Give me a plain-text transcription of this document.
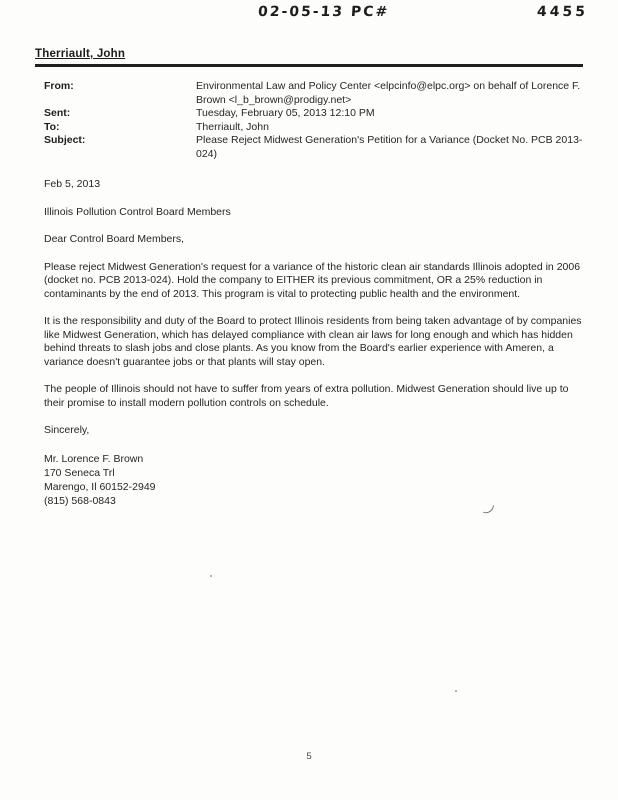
02-05-13 PC#	4455
Therriault, John
From:	Environmental Law and Policy Center <elpcinfo@elpc.org> on behalf of Lorence F. Brown <l_b_brown@prodigy.net>
Sent:	Tuesday, February 05, 2013 12:10 PM
To:	Therriault, John
Subject:	Please Reject Midwest Generation's Petition for a Variance (Docket No. PCB 2013-024)

Feb 5, 2013

Illinois Pollution Control Board Members

Dear Control Board Members,

Please reject Midwest Generation's request for a variance of the historic clean air standards Illinois adopted in 2006 (docket no. PCB 2013-024). Hold the company to EITHER its previous commitment, OR a 25% reduction in contaminants by the end of 2013. This program is vital to protecting public health and the environment.

It is the responsibility and duty of the Board to protect Illinois residents from being taken advantage of by companies like Midwest Generation, which has delayed compliance with clean air laws for long enough and which has hidden behind threats to slash jobs and close plants. As you know from the Board's earlier experience with Ameren, a variance doesn't guarantee jobs or that plants will stay open.

The people of Illinois should not have to suffer from years of extra pollution. Midwest Generation should live up to their promise to install modern pollution controls on schedule.

Sincerely,

Mr. Lorence F. Brown
170 Seneca Trl
Marengo, Il 60152-2949
(815) 568-0843
5
